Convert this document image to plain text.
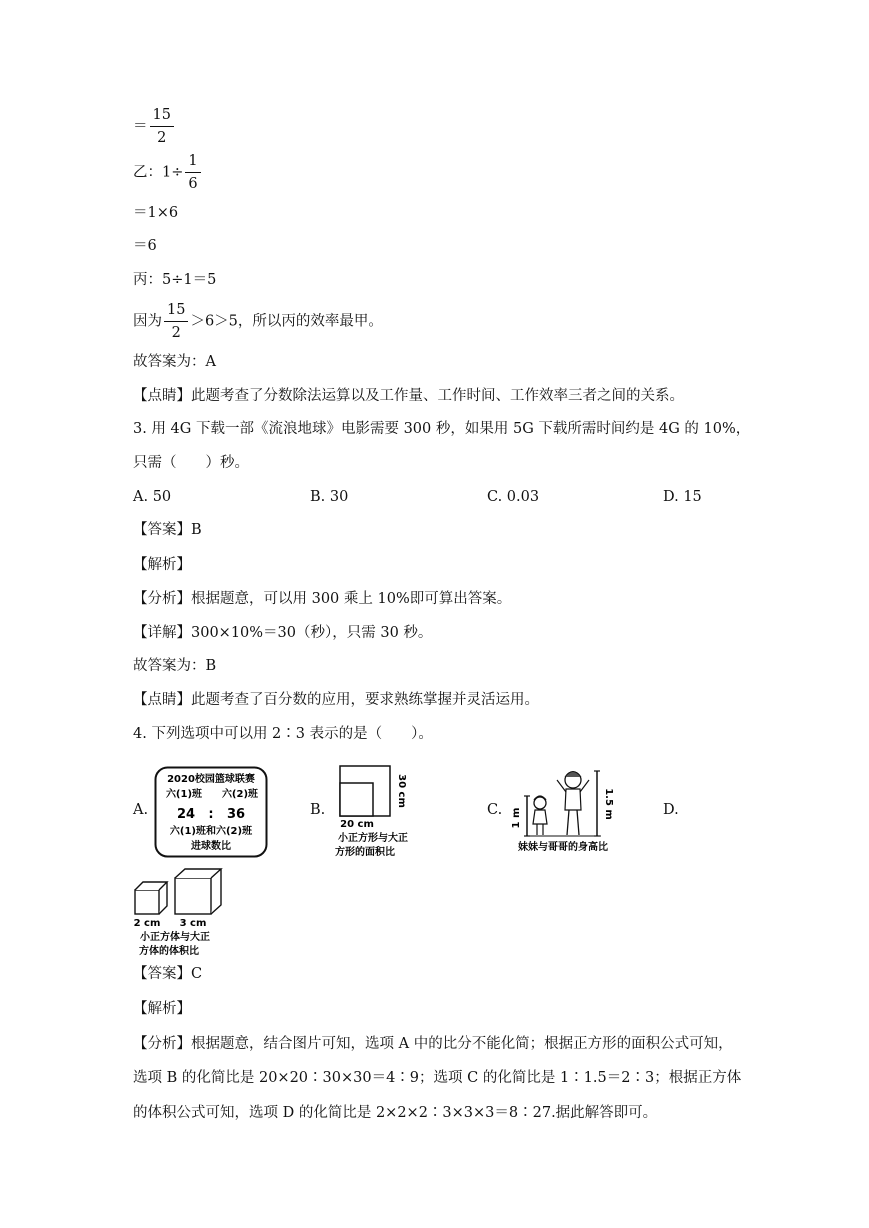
＝ $\frac{15}{2}$
乙：$1\div \frac{1}{6}$
＝1×6
＝6
丙：5÷1＝5
因为 $\frac{15}{2} >6>5$，所以丙的效率最甲。
故答案为：A
【点睛】此题考查了分数除法运算以及工作量、工作时间、工作效率三者之间的关系。
3. 用 4G 下载一部《流浪地球》电影需要 300 秒，如果用 5G 下载所需时间约是 4G 的 10%，
只需（　　）秒。
A. 50	B. 30	C. 0.03	D. 15
【答案】B
【解析】
【分析】根据题意，可以用 300 乘上 10%即可算出答案。
【详解】300×10%＝30（秒），只需 30 秒。
故答案为：B
【点睛】此题考查了百分数的应用，要求熟练掌握并灵活运用。
4. 下列选项中可以用 2∶3 表示的是（　　）。
A.	B.	C.	D.
2020校园篮球联赛
六(1)班 六(2)班
24 : 36
六(1)班和六(2)班
进球数比
30 cm
20 cm
小正方形与大正
方形的面积比
1 m	1.5 m
妹妹与哥哥的身高比
2 cm 3 cm
小正方体与大正
方体的体积比
【答案】C
【解析】
【分析】根据题意，结合图片可知，选项 A 中的比分不能化简；根据正方形的面积公式可知，
选项 B 的化简比是 20×20∶30×30＝4∶9；选项 C 的化简比是 1∶1.5＝2∶3；根据正方体
的体积公式可知，选项 D 的化简比是 2×2×2∶3×3×3＝8∶27.据此解答即可。
